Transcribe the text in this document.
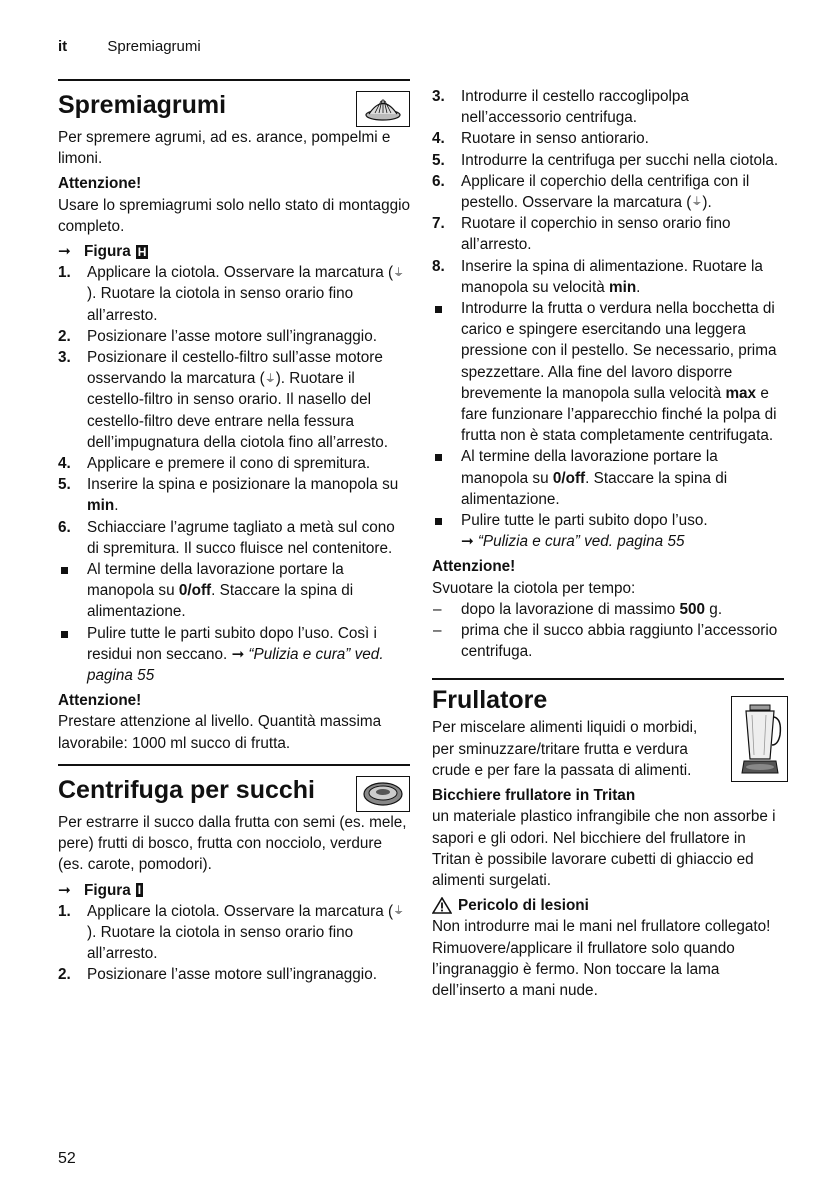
it	Spremiagrumi
Spremiagrumi

Per spremere agrumi, ad es. arance, pompelmi e limoni.

Attenzione!

Usare lo spremiagrumi solo nello stato di montaggio completo.

➞ Figura H

1. Applicare la ciotola. Osservare la marcatura (⏚). Ruotare la ciotola in senso orario fino all’arresto.
2. Posizionare l’asse motore sull’ingranaggio.
3. Posizionare il cestello-filtro sull’asse motore osservando la marcatura (⏚). Ruotare il cestello-filtro in senso orario. Il nasello del cestello-filtro deve entrare nella fessura dell’impugnatura della ciotola fino all’arresto.
4. Applicare e premere il cono di spremitura.
5. Inserire la spina e posizionare la manopola su min.
6. Schiacciare l’agrume tagliato a metà sul cono di spremitura. Il succo fluisce nel contenitore.
Al termine della lavorazione portare la manopola su 0/off. Staccare la spina di alimentazione.
Pulire tutte le parti subito dopo l’uso. Così i residui non seccano. ➞ “Pulizia e cura” ved. pagina 55

Attenzione!

Prestare attenzione al livello. Quantità massima lavorabile: 1000 ml succo di frutta.

Centrifuga per succhi

Per estrarre il succo dalla frutta con semi (es. mele, pere) frutti di bosco, frutta con nocciolo, verdure (es. carote, pomodori).

➞ Figura I

1. Applicare la ciotola. Osservare la marcatura (⏚). Ruotare la ciotola in senso orario fino all’arresto.
2. Posizionare l’asse motore sull’ingranaggio.
3. Introdurre il cestello raccoglipolpa nell’accessorio centrifuga.
4. Ruotare in senso antiorario.
5. Introdurre la centrifuga per succhi nella ciotola.
6. Applicare il coperchio della centrifiga con il pestello. Osservare la marcatura (⏚).
7. Ruotare il coperchio in senso orario fino all’arresto.
8. Inserire la spina di alimentazione. Ruotare la manopola su velocità min.
Introdurre la frutta o verdura nella bocchetta di carico e spingere esercitando una leggera pressione con il pestello. Se necessario, prima spezzettare. Alla fine del lavoro disporre brevemente la manopola sulla velocità max e fare funzionare l’apparecchio finché la polpa di frutta non è stata completamente centrifugata.
Al termine della lavorazione portare la manopola su 0/off. Staccare la spina di alimentazione.
Pulire tutte le parti subito dopo l’uso.
➞ “Pulizia e cura” ved. pagina 55

Attenzione!

Svuotare la ciotola per tempo:

– dopo la lavorazione di massimo 500 g.
– prima che il succo abbia raggiunto l’accessorio centrifuga.
Frullatore

Per miscelare alimenti liquidi o morbidi, per sminuzzare/tritare frutta e verdura crude e per fare la passata di alimenti.

Bicchiere frullatore in Tritan

un materiale plastico infrangibile che non assorbe i sapori e gli odori. Nel bicchiere del frullatore in Tritan è possibile lavorare cubetti di ghiaccio ed alimenti surgelati.

Pericolo di lesioni

Non introdurre mai le mani nel frullatore collegato! Rimuovere/applicare il frullatore solo quando l’ingranaggio è fermo. Non toccare la lama dell’inserto a mani nude.

52
